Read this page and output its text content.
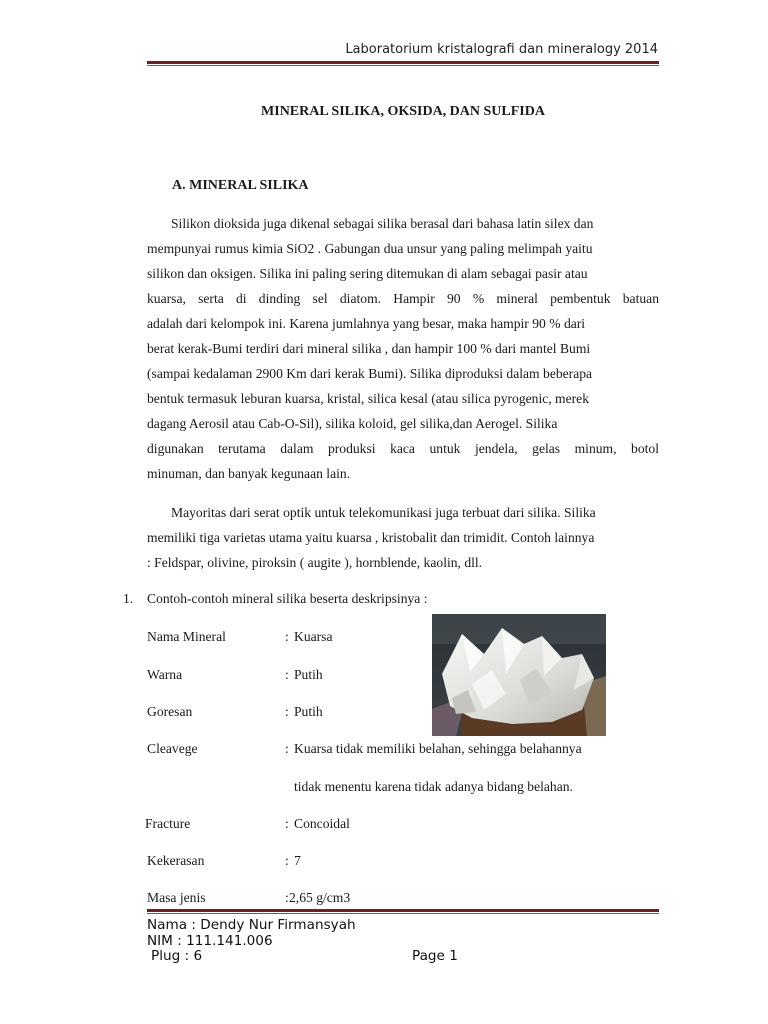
Laboratorium kristalografi dan mineralogy 2014
MINERAL SILIKA, OKSIDA, DAN SULFIDA
A. MINERAL SILIKA
Silikon dioksida juga dikenal sebagai silika berasal dari bahasa latin silex dan
mempunyai rumus kimia SiO2 . Gabungan dua unsur yang paling melimpah yaitu
silikon dan oksigen. Silika ini paling sering ditemukan di alam sebagai pasir atau
kuarsa, serta di dinding sel diatom. Hampir 90 % mineral pembentuk batuan
adalah dari kelompok ini. Karena jumlahnya yang besar, maka hampir 90 % dari
berat kerak-Bumi terdiri dari mineral silika , dan hampir 100 % dari mantel Bumi
(sampai kedalaman 2900 Km dari kerak Bumi). Silika diproduksi dalam beberapa
bentuk termasuk leburan kuarsa, kristal, silica kesal (atau silica pyrogenic, merek
dagang Aerosil atau Cab-O-Sil), silika koloid, gel silika,dan Aerogel. Silika
digunakan terutama dalam produksi kaca untuk jendela, gelas minum, botol
minuman, dan banyak kegunaan lain.
Mayoritas dari serat optik untuk telekomunikasi juga terbuat dari silika. Silika
memiliki tiga varietas utama yaitu kuarsa , kristobalit dan trimidit. Contoh lainnya
: Feldspar, olivine, piroksin ( augite ), hornblende, kaolin, dll.
1. Contoh-contoh mineral silika beserta deskripsinya :
Nama Mineral	: Kuarsa
Warna	: Putih
Goresan	: Putih
Cleavege	: Kuarsa tidak memiliki belahan, sehingga belahannya
tidak menentu karena tidak adanya bidang belahan.
Fracture	: Concoidal
Kekerasan	: 7
Masa jenis	: 2,65 g/cm3
Nama : Dendy Nur Firmansyah
NIM : 111.141.006
Plug : 6	Page 1
